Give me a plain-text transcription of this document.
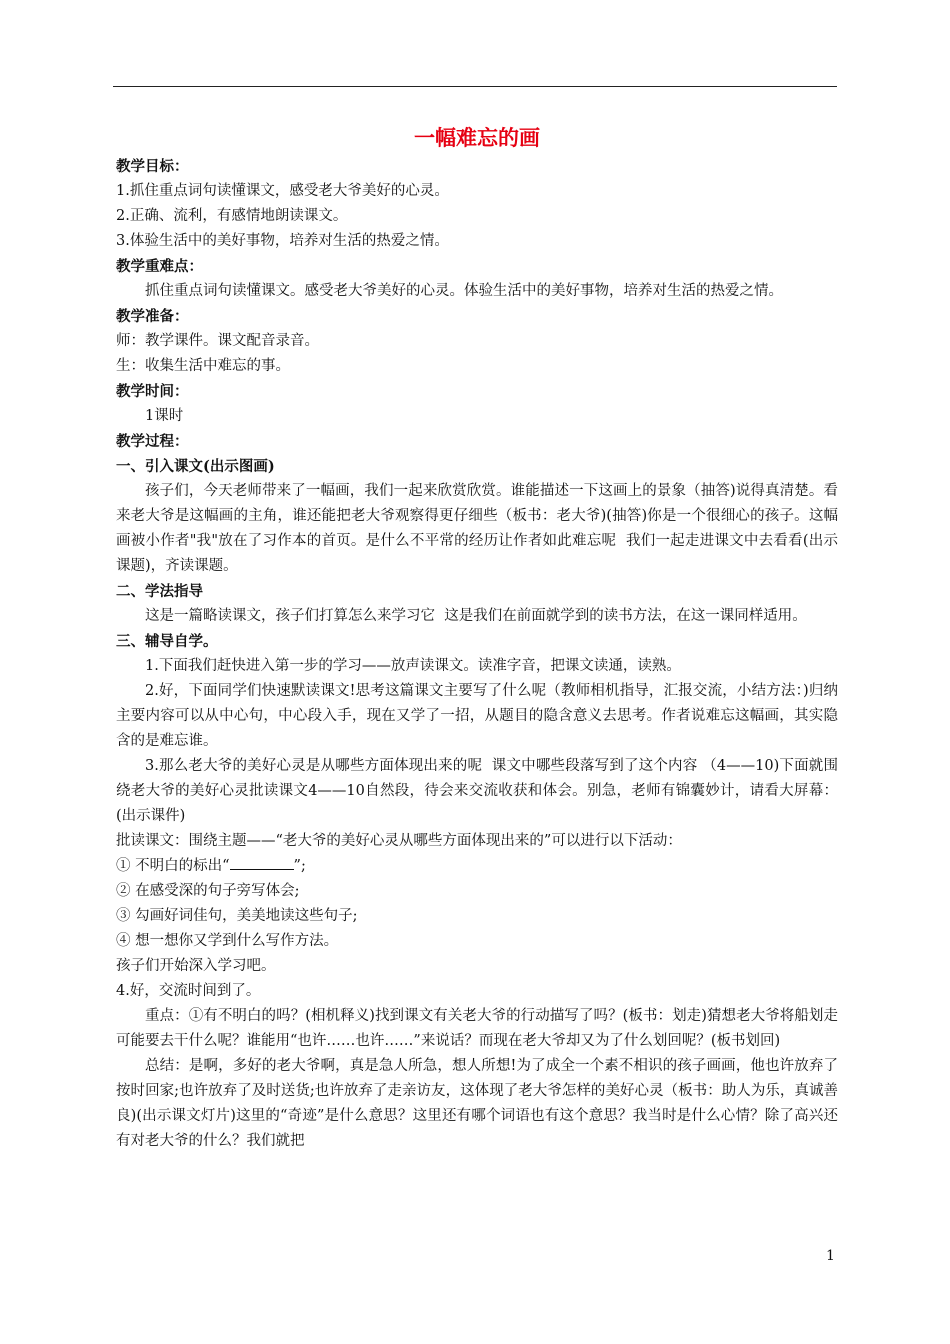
一幅难忘的画

教学目标：

1.抓住重点词句读懂课文，感受老大爷美好的心灵。

2.正确、流利，有感情地朗读课文。

3.体验生活中的美好事物，培养对生活的热爱之情。

教学重难点：

抓住重点词句读懂课文。感受老大爷美好的心灵。体验生活中的美好事物，培养对生活的热爱之情。

教学准备：

师：教学课件。课文配音录音。

生：收集生活中难忘的事。

教学时间：

1课时

教学过程：

一、引入课文(出示图画)

孩子们，今天老师带来了一幅画，我们一起来欣赏欣赏。谁能描述一下这画上的景象（抽答)说得真清楚。看来老大爷是这幅画的主角，谁还能把老大爷观察得更仔细些（板书：老大爷)(抽答)你是一个很细心的孩子。这幅画被小作者"我"放在了习作本的首页。是什么不平常的经历让作者如此难忘呢  我们一起走进课文中去看看(出示课题)，齐读课题。

二、学法指导

这是一篇略读课文，孩子们打算怎么来学习它  这是我们在前面就学到的读书方法，在这一课同样适用。

三、辅导自学。

1.下面我们赶快进入第一步的学习——放声读课文。读准字音，把课文读通，读熟。

2.好，下面同学们快速默读课文!思考这篇课文主要写了什么呢（教师相机指导，汇报交流，小结方法：)归纳主要内容可以从中心句，中心段入手，现在又学了一招，从题目的隐含意义去思考。作者说难忘这幅画，其实隐含的是难忘谁。

3.那么老大爷的美好心灵是从哪些方面体现出来的呢  课文中哪些段落写到了这个内容 （4——10)下面就围绕老大爷的美好心灵批读课文4——10自然段，待会来交流收获和体会。别急，老师有锦囊妙计，请看大屏幕：(出示课件)

批读课文：围绕主题——“老大爷的美好心灵从哪些方面体现出来的”可以进行以下活动：

① 不明白的标出“	”;

② 在感受深的句子旁写体会;

③ 勾画好词佳句，美美地读这些句子;

④ 想一想你又学到什么写作方法。

孩子们开始深入学习吧。

4.好，交流时间到了。

重点：①有不明白的吗？(相机释义)找到课文有关老大爷的行动描写了吗？(板书：划走)猜想老大爷将船划走可能要去干什么呢？谁能用“也许……也许……”来说话？而现在老大爷却又为了什么划回呢？(板书划回)

总结：是啊，多好的老大爷啊，真是急人所急，想人所想!为了成全一个素不相识的孩子画画，他也许放弃了按时回家;也许放弃了及时送货;也许放弃了走亲访友，这体现了老大爷怎样的美好心灵（板书：助人为乐，真诚善良)(出示课文灯片)这里的“奇迹”是什么意思？这里还有哪个词语也有这个意思？我当时是什么心情？除了高兴还有对老大爷的什么？我们就把

1
